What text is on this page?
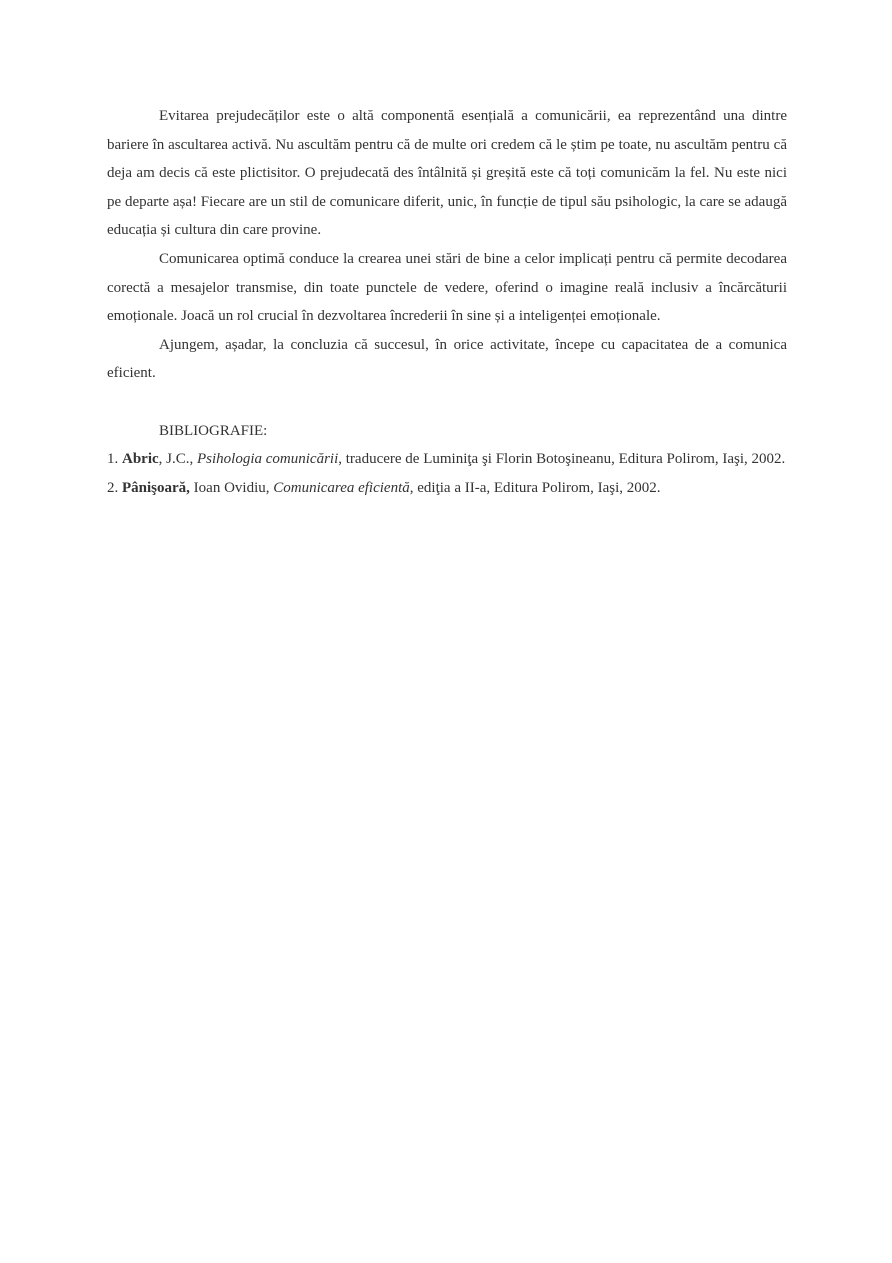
Evitarea prejudecăților este o altă componentă esențială a comunicării, ea reprezentând una dintre bariere în ascultarea activă. Nu ascultăm pentru că de multe ori credem că le știm pe toate, nu ascultăm pentru că deja am decis că este plictisitor. O prejudecată des întâlnită și greșită este că toți comunicăm la fel. Nu este nici pe departe așa! Fiecare are un stil de comunicare diferit, unic, în funcție de tipul său psihologic, la care se adaugă educația și cultura din care provine.

Comunicarea optimă conduce la crearea unei stări de bine a celor implicați pentru că permite decodarea corectă a mesajelor transmise, din toate punctele de vedere, oferind o imagine reală inclusiv a încărcăturii emoționale. Joacă un rol crucial în dezvoltarea încrederii în sine și a inteligenței emoționale.

Ajungem, așadar, la concluzia că succesul, în orice activitate, începe cu capacitatea de a comunica eficient.

BIBLIOGRAFIE:

1. Abric, J.C., Psihologia comunicării, traducere de Luminiţa şi Florin Botoşineanu, Editura Polirom, Iaşi, 2002.

2. Pânişoară, Ioan Ovidiu, Comunicarea eficientă, ediţia a II-a, Editura Polirom, Iaşi, 2002.
